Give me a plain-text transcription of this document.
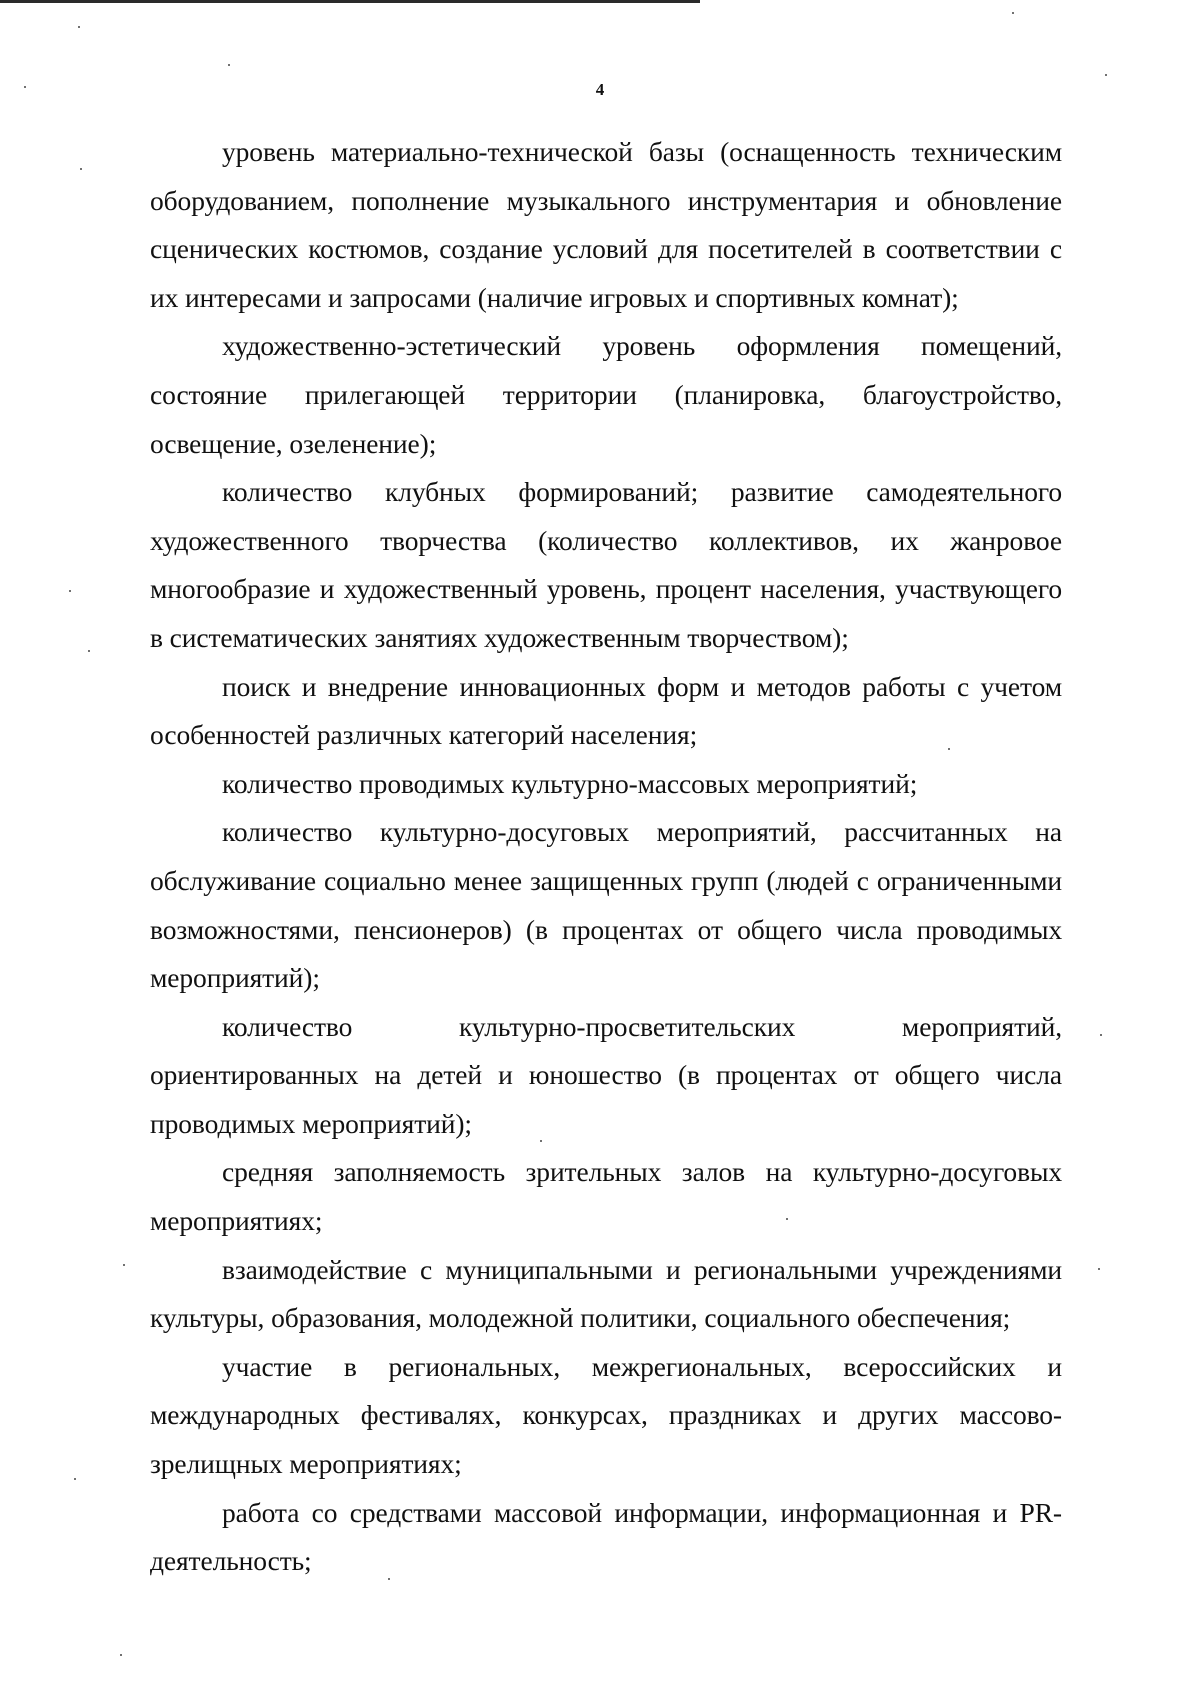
4

уровень материально-технической базы (оснащенность техническим оборудованием, пополнение музыкального инструментария и обновление сценических костюмов, создание условий для посетителей в соответствии с их интересами и запросами (наличие игровых и спортивных комнат);

художественно-эстетический уровень оформления помещений, состояние прилегающей территории (планировка, благоустройство, освещение, озеленение);

количество клубных формирований; развитие самодеятельного художественного творчества (количество коллективов, их жанровое многообразие и художественный уровень, процент населения, участвующего в систематических занятиях художественным творчеством);

поиск и внедрение инновационных форм и методов работы с учетом особенностей различных категорий населения;

количество проводимых культурно-массовых мероприятий;

количество культурно-досуговых мероприятий, рассчитанных на обслуживание социально менее защищенных групп (людей с ограниченными возможностями, пенсионеров) (в процентах от общего числа проводимых мероприятий);

количество культурно-просветительских мероприятий, ориентированных на детей и юношество (в процентах от общего числа проводимых мероприятий);

средняя заполняемость зрительных залов на культурно-досуговых мероприятиях;

взаимодействие с муниципальными и региональными учреждениями культуры, образования, молодежной политики, социального обеспечения;

участие в региональных, межрегиональных, всероссийских и международных фестивалях, конкурсах, праздниках и других массово-зрелищных мероприятиях;

работа со средствами массовой информации, информационная и PR-деятельность;
